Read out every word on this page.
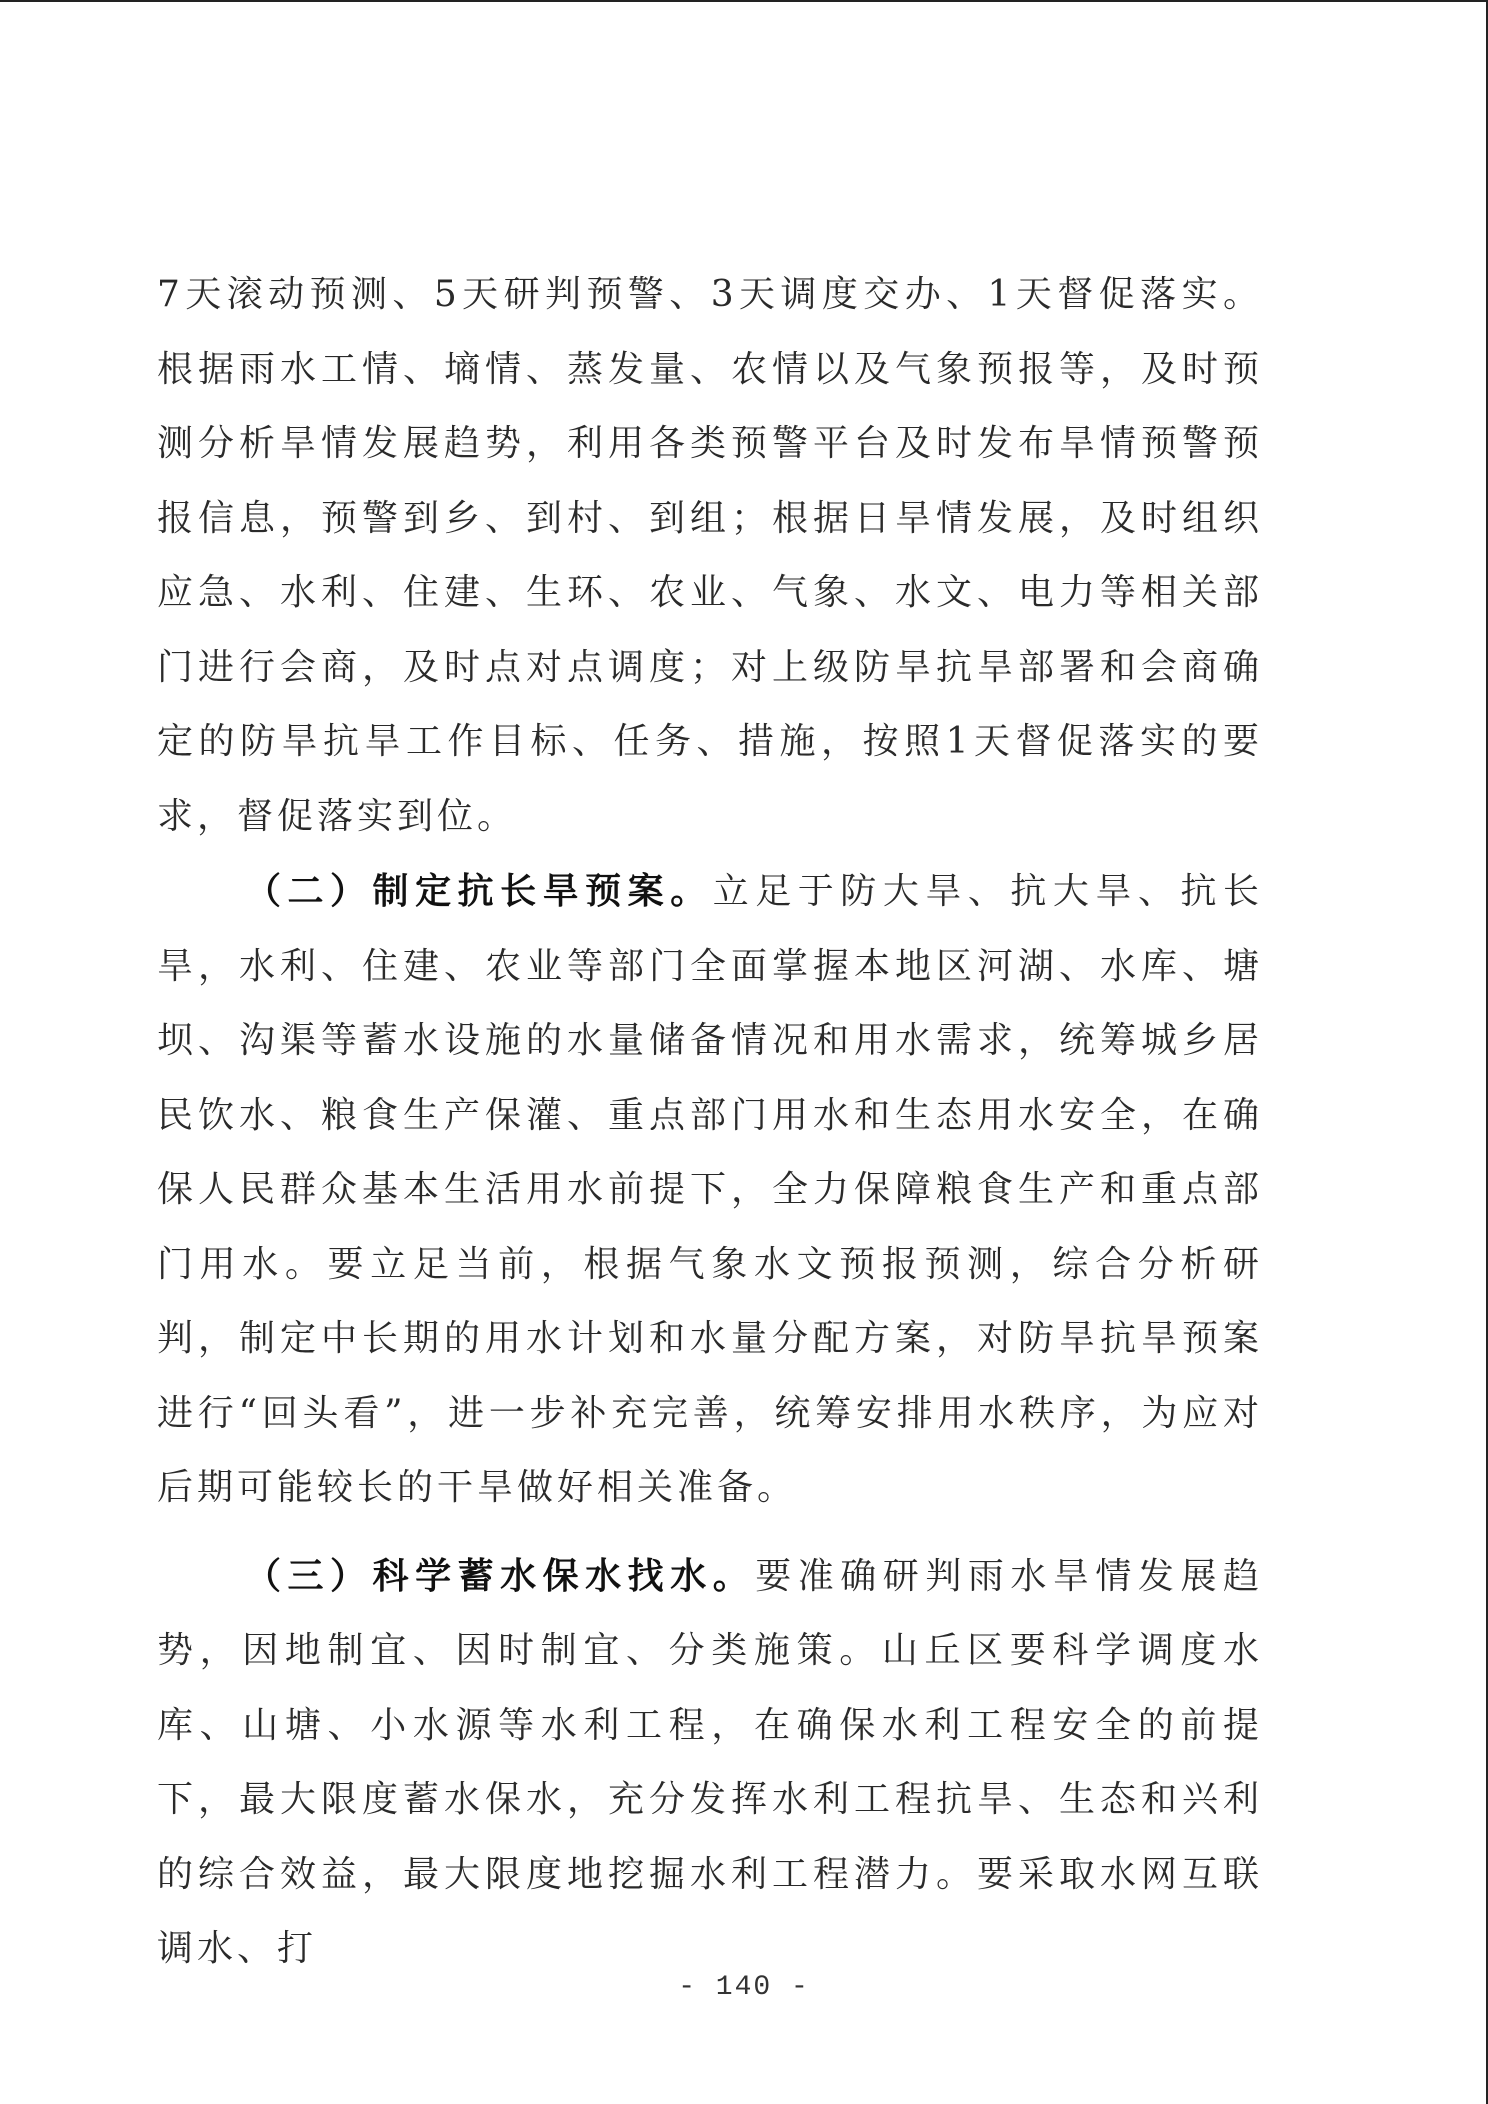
7天滚动预测、5天研判预警、3天调度交办、1天督促落实。根据雨水工情、墒情、蒸发量、农情以及气象预报等，及时预测分析旱情发展趋势，利用各类预警平台及时发布旱情预警预报信息，预警到乡、到村、到组；根据日旱情发展，及时组织应急、水利、住建、生环、农业、气象、水文、电力等相关部门进行会商，及时点对点调度；对上级防旱抗旱部署和会商确定的防旱抗旱工作目标、任务、措施，按照1天督促落实的要求，督促落实到位。

（二）制定抗长旱预案。立足于防大旱、抗大旱、抗长旱，水利、住建、农业等部门全面掌握本地区河湖、水库、塘坝、沟渠等蓄水设施的水量储备情况和用水需求，统筹城乡居民饮水、粮食生产保灌、重点部门用水和生态用水安全，在确保人民群众基本生活用水前提下，全力保障粮食生产和重点部门用水。要立足当前，根据气象水文预报预测，综合分析研判，制定中长期的用水计划和水量分配方案，对防旱抗旱预案进行“回头看”，进一步补充完善，统筹安排用水秩序，为应对后期可能较长的干旱做好相关准备。

（三）科学蓄水保水找水。要准确研判雨水旱情发展趋势，因地制宜、因时制宜、分类施策。山丘区要科学调度水库、山塘、小水源等水利工程，在确保水利工程安全的前提下，最大限度蓄水保水，充分发挥水利工程抗旱、生态和兴利的综合效益，最大限度地挖掘水利工程潜力。要采取水网互联调水、打

- 140 -
